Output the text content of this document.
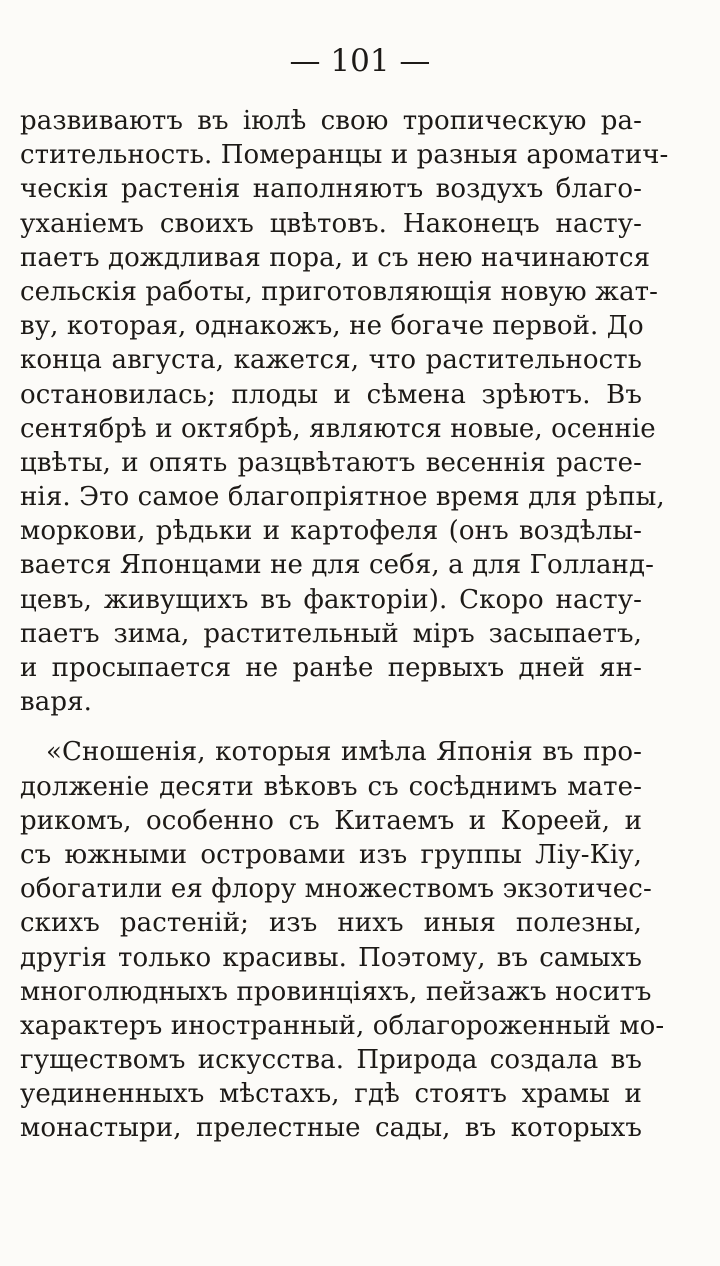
— 101 —
развиваютъ въ іюлѣ свою тропическую ра-
стительность. Померанцы и разныя ароматич-
ческія растенія наполняютъ воздухъ благо-
уханіемъ своихъ цвѣтовъ. Наконецъ насту-
паетъ дождливая пора, и съ нею начинаются
сельскія работы, приготовляющія новую жат-
ву, которая, однакожъ, не богаче первой. До
конца августа, кажется, что растительность
остановилась; плоды и сѣмена зрѣютъ. Въ
сентябрѣ и октябрѣ, являются новые, осенніе
цвѣты, и опять разцвѣтаютъ весеннія расте-
нія. Это самое благопріятное время для рѣпы,
моркови, рѣдьки и картофеля (онъ воздѣлы-
вается Японцами не для себя, а для Голланд-
цевъ, живущихъ въ факторіи). Скоро насту-
паетъ зима, растительный міръ засыпаетъ,
и просыпается не ранѣе первыхъ дней ян-
варя.
«Сношенія, которыя имѣла Японія въ про-
долженіе десяти вѣковъ съ сосѣднимъ мате-
рикомъ, особенно съ Китаемъ и Кореей, и
съ южными островами изъ группы Ліу-Кіу,
обогатили ея флору множествомъ экзотичес-
скихъ растеній; изъ нихъ иныя полезны,
другія только красивы. Поэтому, въ самыхъ
многолюдныхъ провинціяхъ, пейзажъ носитъ
характеръ иностранный, облагороженный мо-
гуществомъ искусства. Природа создала въ
уединенныхъ мѣстахъ, гдѣ стоятъ храмы и
монастыри, прелестные сады, въ которыхъ
